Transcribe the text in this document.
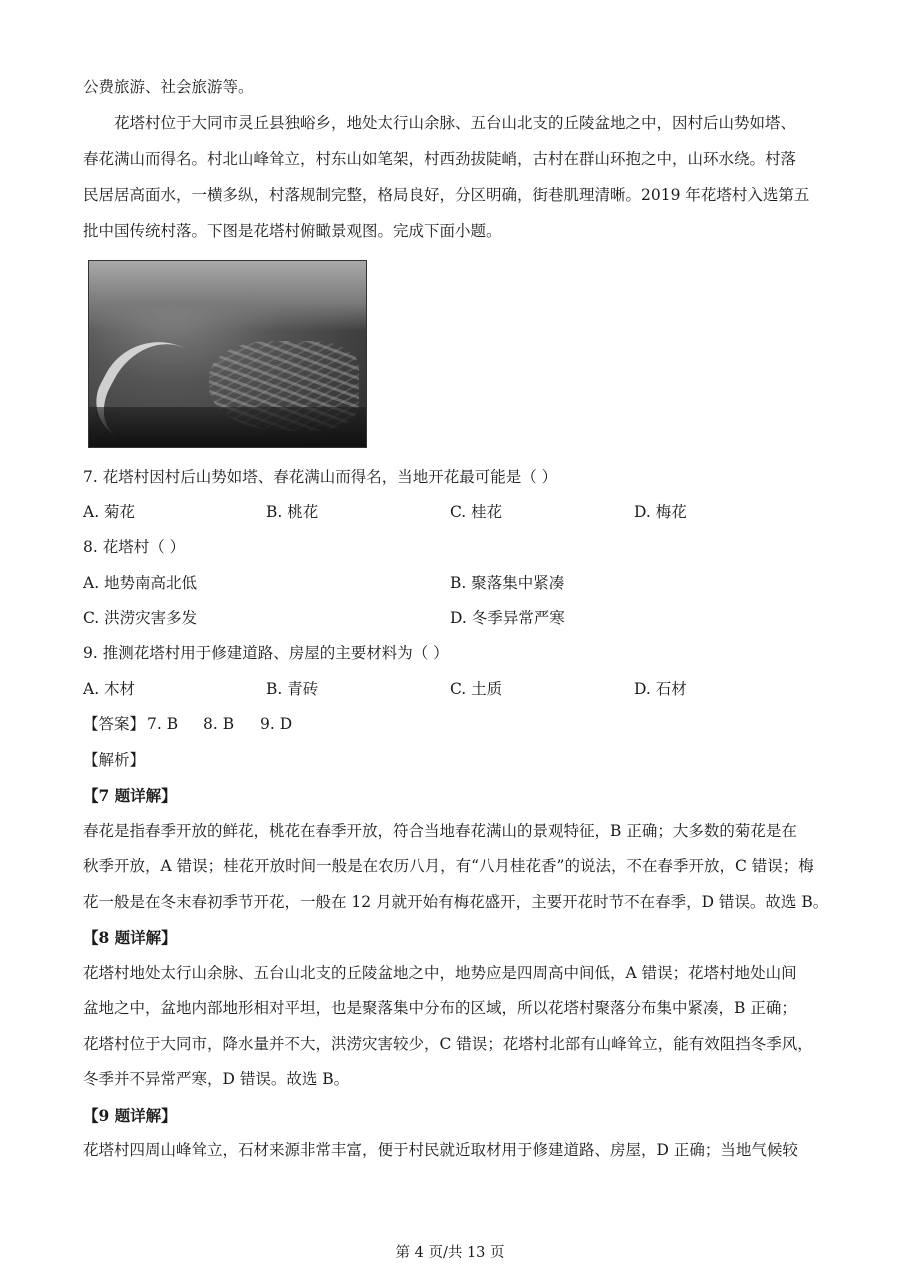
公费旅游、社会旅游等。
花塔村位于大同市灵丘县独峪乡，地处太行山余脉、五台山北支的丘陵盆地之中，因村后山势如塔、
春花满山而得名。村北山峰耸立，村东山如笔架，村西劲拔陡峭，古村在群山环抱之中，山环水绕。村落
民居居高面水，一横多纵，村落规制完整，格局良好，分区明确，街巷肌理清晰。2019 年花塔村入选第五
批中国传统村落。下图是花塔村俯瞰景观图。完成下面小题。
7. 花塔村因村后山势如塔、春花满山而得名，当地开花最可能是（ ）
A. 菊花	B. 桃花	C. 桂花	D. 梅花
8. 花塔村（ ）
A. 地势南高北低	B. 聚落集中紧凑
C. 洪涝灾害多发	D. 冬季异常严寒
9. 推测花塔村用于修建道路、房屋的主要材料为（ ）
A. 木材	B. 青砖	C. 土质	D. 石材
【答案】 7. B 8. B 9. D
【解析】
【7 题详解】
春花是指春季开放的鲜花，桃花在春季开放，符合当地春花满山的景观特征，B 正确；大多数的菊花是在
秋季开放，A 错误；桂花开放时间一般是在农历八月，有“八月桂花香”的说法，不在春季开放，C 错误；梅
花一般是在冬末春初季节开花，一般在 12 月就开始有梅花盛开，主要开花时节不在春季，D 错误。故选 B。
【8 题详解】
花塔村地处太行山余脉、五台山北支的丘陵盆地之中，地势应是四周高中间低，A 错误；花塔村地处山间
盆地之中，盆地内部地形相对平坦，也是聚落集中分布的区域，所以花塔村聚落分布集中紧凑，B 正确；
花塔村位于大同市，降水量并不大，洪涝灾害较少，C 错误；花塔村北部有山峰耸立，能有效阻挡冬季风，
冬季并不异常严寒，D 错误。故选 B。
【9 题详解】
花塔村四周山峰耸立，石材来源非常丰富，便于村民就近取材用于修建道路、房屋，D 正确；当地气候较
第 4 页/共 13 页
